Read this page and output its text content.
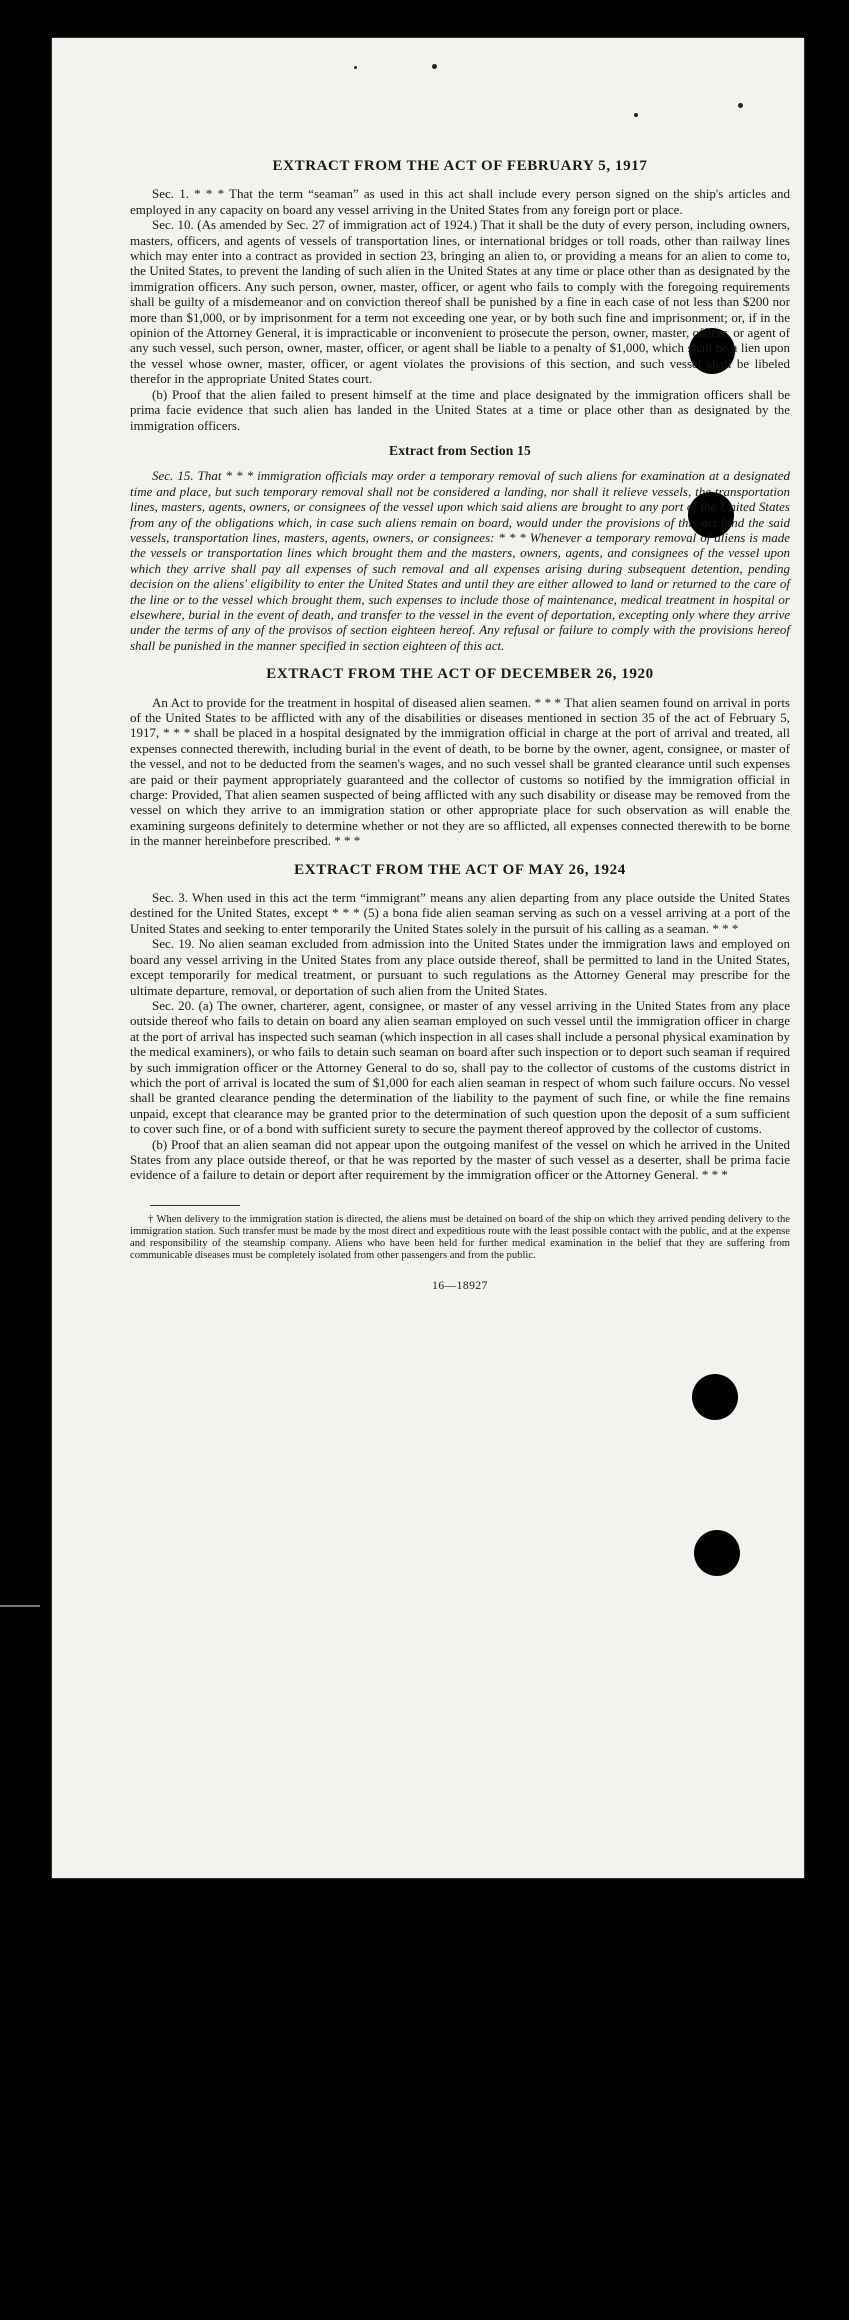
EXTRACT FROM THE ACT OF FEBRUARY 5, 1917

Sec. 1. * * * That the term “seaman” as used in this act shall include every person signed on the ship's articles and employed in any capacity on board any vessel arriving in the United States from any foreign port or place.

Sec. 10. (As amended by Sec. 27 of immigration act of 1924.) That it shall be the duty of every person, including owners, masters, officers, and agents of vessels of transportation lines, or international bridges or toll roads, other than railway lines which may enter into a contract as provided in section 23, bringing an alien to, or providing a means for an alien to come to, the United States, to prevent the landing of such alien in the United States at any time or place other than as designated by the immigration officers. Any such person, owner, master, officer, or agent who fails to comply with the foregoing requirements shall be guilty of a misdemeanor and on conviction thereof shall be punished by a fine in each case of not less than $200 nor more than $1,000, or by imprisonment for a term not exceeding one year, or by both such fine and imprisonment; or, if in the opinion of the Attorney General, it is impracticable or inconvenient to prosecute the person, owner, master, officer, or agent of any such vessel, such person, owner, master, officer, or agent shall be liable to a penalty of $1,000, which shall be a lien upon the vessel whose owner, master, officer, or agent violates the provisions of this section, and such vessel shall be libeled therefor in the appropriate United States court.

(b) Proof that the alien failed to present himself at the time and place designated by the immigration officers shall be prima facie evidence that such alien has landed in the United States at a time or place other than as designated by the immigration officers.

Extract from Section 15

Sec. 15. That * * * immigration officials may order a temporary removal of such aliens for examination at a designated time and place, but such temporary removal shall not be considered a landing, nor shall it relieve vessels, the transportation lines, masters, agents, owners, or consignees of the vessel upon which said aliens are brought to any port of the United States from any of the obligations which, in case such aliens remain on board, would under the provisions of this act bind the said vessels, transportation lines, masters, agents, owners, or consignees: * * * Whenever a temporary removal of aliens is made the vessels or transportation lines which brought them and the masters, owners, agents, and consignees of the vessel upon which they arrive shall pay all expenses of such removal and all expenses arising during subsequent detention, pending decision on the aliens' eligibility to enter the United States and until they are either allowed to land or returned to the care of the line or to the vessel which brought them, such expenses to include those of maintenance, medical treatment in hospital or elsewhere, burial in the event of death, and transfer to the vessel in the event of deportation, excepting only where they arrive under the terms of any of the provisos of section eighteen hereof. Any refusal or failure to comply with the provisions hereof shall be punished in the manner specified in section eighteen of this act.

EXTRACT FROM THE ACT OF DECEMBER 26, 1920

An Act to provide for the treatment in hospital of diseased alien seamen. * * * That alien seamen found on arrival in ports of the United States to be afflicted with any of the disabilities or diseases mentioned in section 35 of the act of February 5, 1917, * * * shall be placed in a hospital designated by the immigration official in charge at the port of arrival and treated, all expenses connected therewith, including burial in the event of death, to be borne by the owner, agent, consignee, or master of the vessel, and not to be deducted from the seamen's wages, and no such vessel shall be granted clearance until such expenses are paid or their payment appropriately guaranteed and the collector of customs so notified by the immigration official in charge: Provided, That alien seamen suspected of being afflicted with any such disability or disease may be removed from the vessel on which they arrive to an immigration station or other appropriate place for such observation as will enable the examining surgeons definitely to determine whether or not they are so afflicted, all expenses connected therewith to be borne in the manner hereinbefore prescribed. * * *

EXTRACT FROM THE ACT OF MAY 26, 1924

Sec. 3. When used in this act the term “immigrant” means any alien departing from any place outside the United States destined for the United States, except * * * (5) a bona fide alien seaman serving as such on a vessel arriving at a port of the United States and seeking to enter temporarily the United States solely in the pursuit of his calling as a seaman. * * *

Sec. 19. No alien seaman excluded from admission into the United States under the immigration laws and employed on board any vessel arriving in the United States from any place outside thereof, shall be permitted to land in the United States, except temporarily for medical treatment, or pursuant to such regulations as the Attorney General may prescribe for the ultimate departure, removal, or deportation of such alien from the United States.

Sec. 20. (a) The owner, charterer, agent, consignee, or master of any vessel arriving in the United States from any place outside thereof who fails to detain on board any alien seaman employed on such vessel until the immigration officer in charge at the port of arrival has inspected such seaman (which inspection in all cases shall include a personal physical examination by the medical examiners), or who fails to detain such seaman on board after such inspection or to deport such seaman if required by such immigration officer or the Attorney General to do so, shall pay to the collector of customs of the customs district in which the port of arrival is located the sum of $1,000 for each alien seaman in respect of whom such failure occurs. No vessel shall be granted clearance pending the determination of the liability to the payment of such fine, or while the fine remains unpaid, except that clearance may be granted prior to the determination of such question upon the deposit of a sum sufficient to cover such fine, or of a bond with sufficient surety to secure the payment thereof approved by the collector of customs.

(b) Proof that an alien seaman did not appear upon the outgoing manifest of the vessel on which he arrived in the United States from any place outside thereof, or that he was reported by the master of such vessel as a deserter, shall be prima facie evidence of a failure to detain or deport after requirement by the immigration officer or the Attorney General. * * *

† When delivery to the immigration station is directed, the aliens must be detained on board of the ship on which they arrived pending delivery to the immigration station. Such transfer must be made by the most direct and expeditious route with the least possible contact with the public, and at the expense and responsibility of the steamship company. Aliens who have been held for further medical examination in the belief that they are suffering from communicable diseases must be completely isolated from other passengers and from the public.

16—18927
